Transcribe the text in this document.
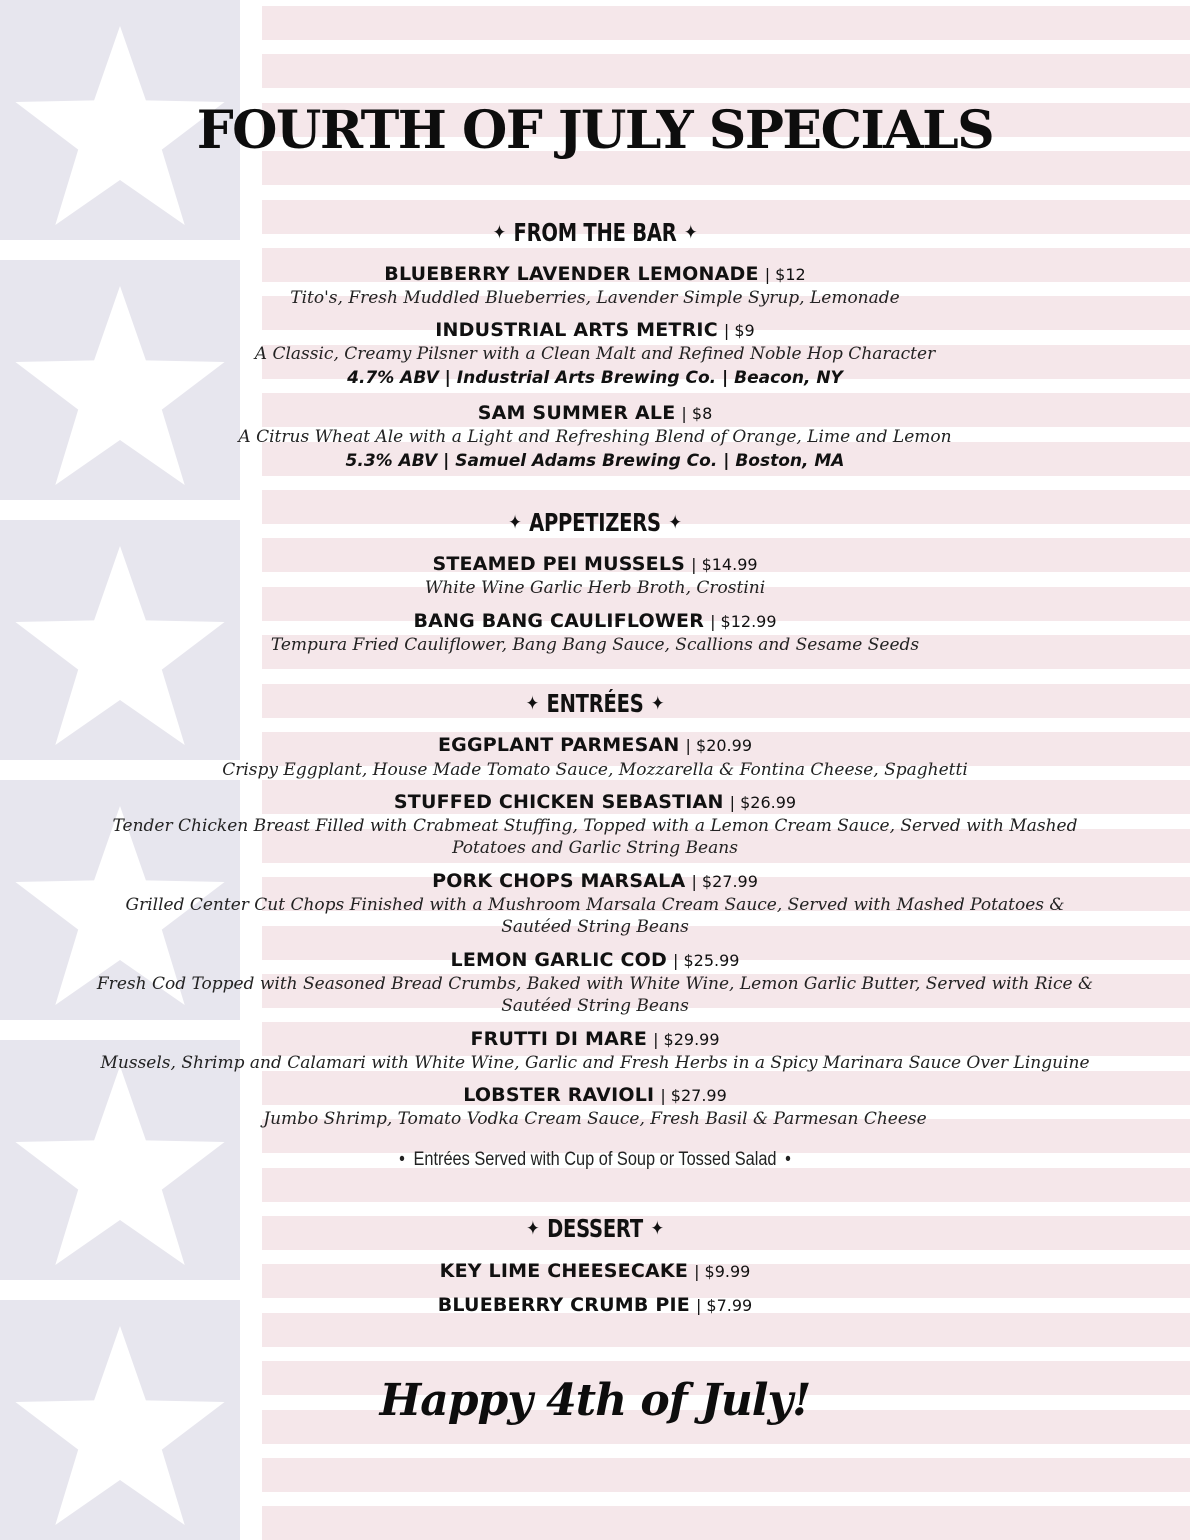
FOURTH OF JULY SPECIALS
✦ FROM THE BAR ✦
BLUEBERRY LAVENDER LEMONADE | $12
Tito's, Fresh Muddled Blueberries, Lavender Simple Syrup, Lemonade
INDUSTRIAL ARTS METRIC | $9
A Classic, Creamy Pilsner with a Clean Malt and Refined Noble Hop Character
4.7% ABV | Industrial Arts Brewing Co. | Beacon, NY
SAM SUMMER ALE | $8
A Citrus Wheat Ale with a Light and Refreshing Blend of Orange, Lime and Lemon
5.3% ABV | Samuel Adams Brewing Co. | Boston, MA
✦ APPETIZERS ✦
STEAMED PEI MUSSELS | $14.99
White Wine Garlic Herb Broth, Crostini
BANG BANG CAULIFLOWER | $12.99
Tempura Fried Cauliflower, Bang Bang Sauce, Scallions and Sesame Seeds
✦ ENTRÉES ✦
EGGPLANT PARMESAN | $20.99
Crispy Eggplant, House Made Tomato Sauce, Mozzarella & Fontina Cheese, Spaghetti
STUFFED CHICKEN SEBASTIAN | $26.99
Tender Chicken Breast Filled with Crabmeat Stuffing, Topped with a Lemon Cream Sauce, Served with Mashed Potatoes and Garlic String Beans
PORK CHOPS MARSALA | $27.99
Grilled Center Cut Chops Finished with a Mushroom Marsala Cream Sauce, Served with Mashed Potatoes & Sautéed String Beans
LEMON GARLIC COD | $25.99
Fresh Cod Topped with Seasoned Bread Crumbs, Baked with White Wine, Lemon Garlic Butter, Served with Rice & Sautéed String Beans
FRUTTI DI MARE | $29.99
Mussels, Shrimp and Calamari with White Wine, Garlic and Fresh Herbs in a Spicy Marinara Sauce Over Linguine
LOBSTER RAVIOLI | $27.99
Jumbo Shrimp, Tomato Vodka Cream Sauce, Fresh Basil & Parmesan Cheese
• Entrées Served with Cup of Soup or Tossed Salad •
✦ DESSERT ✦
KEY LIME CHEESECAKE | $9.99
BLUEBERRY CRUMB PIE | $7.99
Happy 4th of July!
